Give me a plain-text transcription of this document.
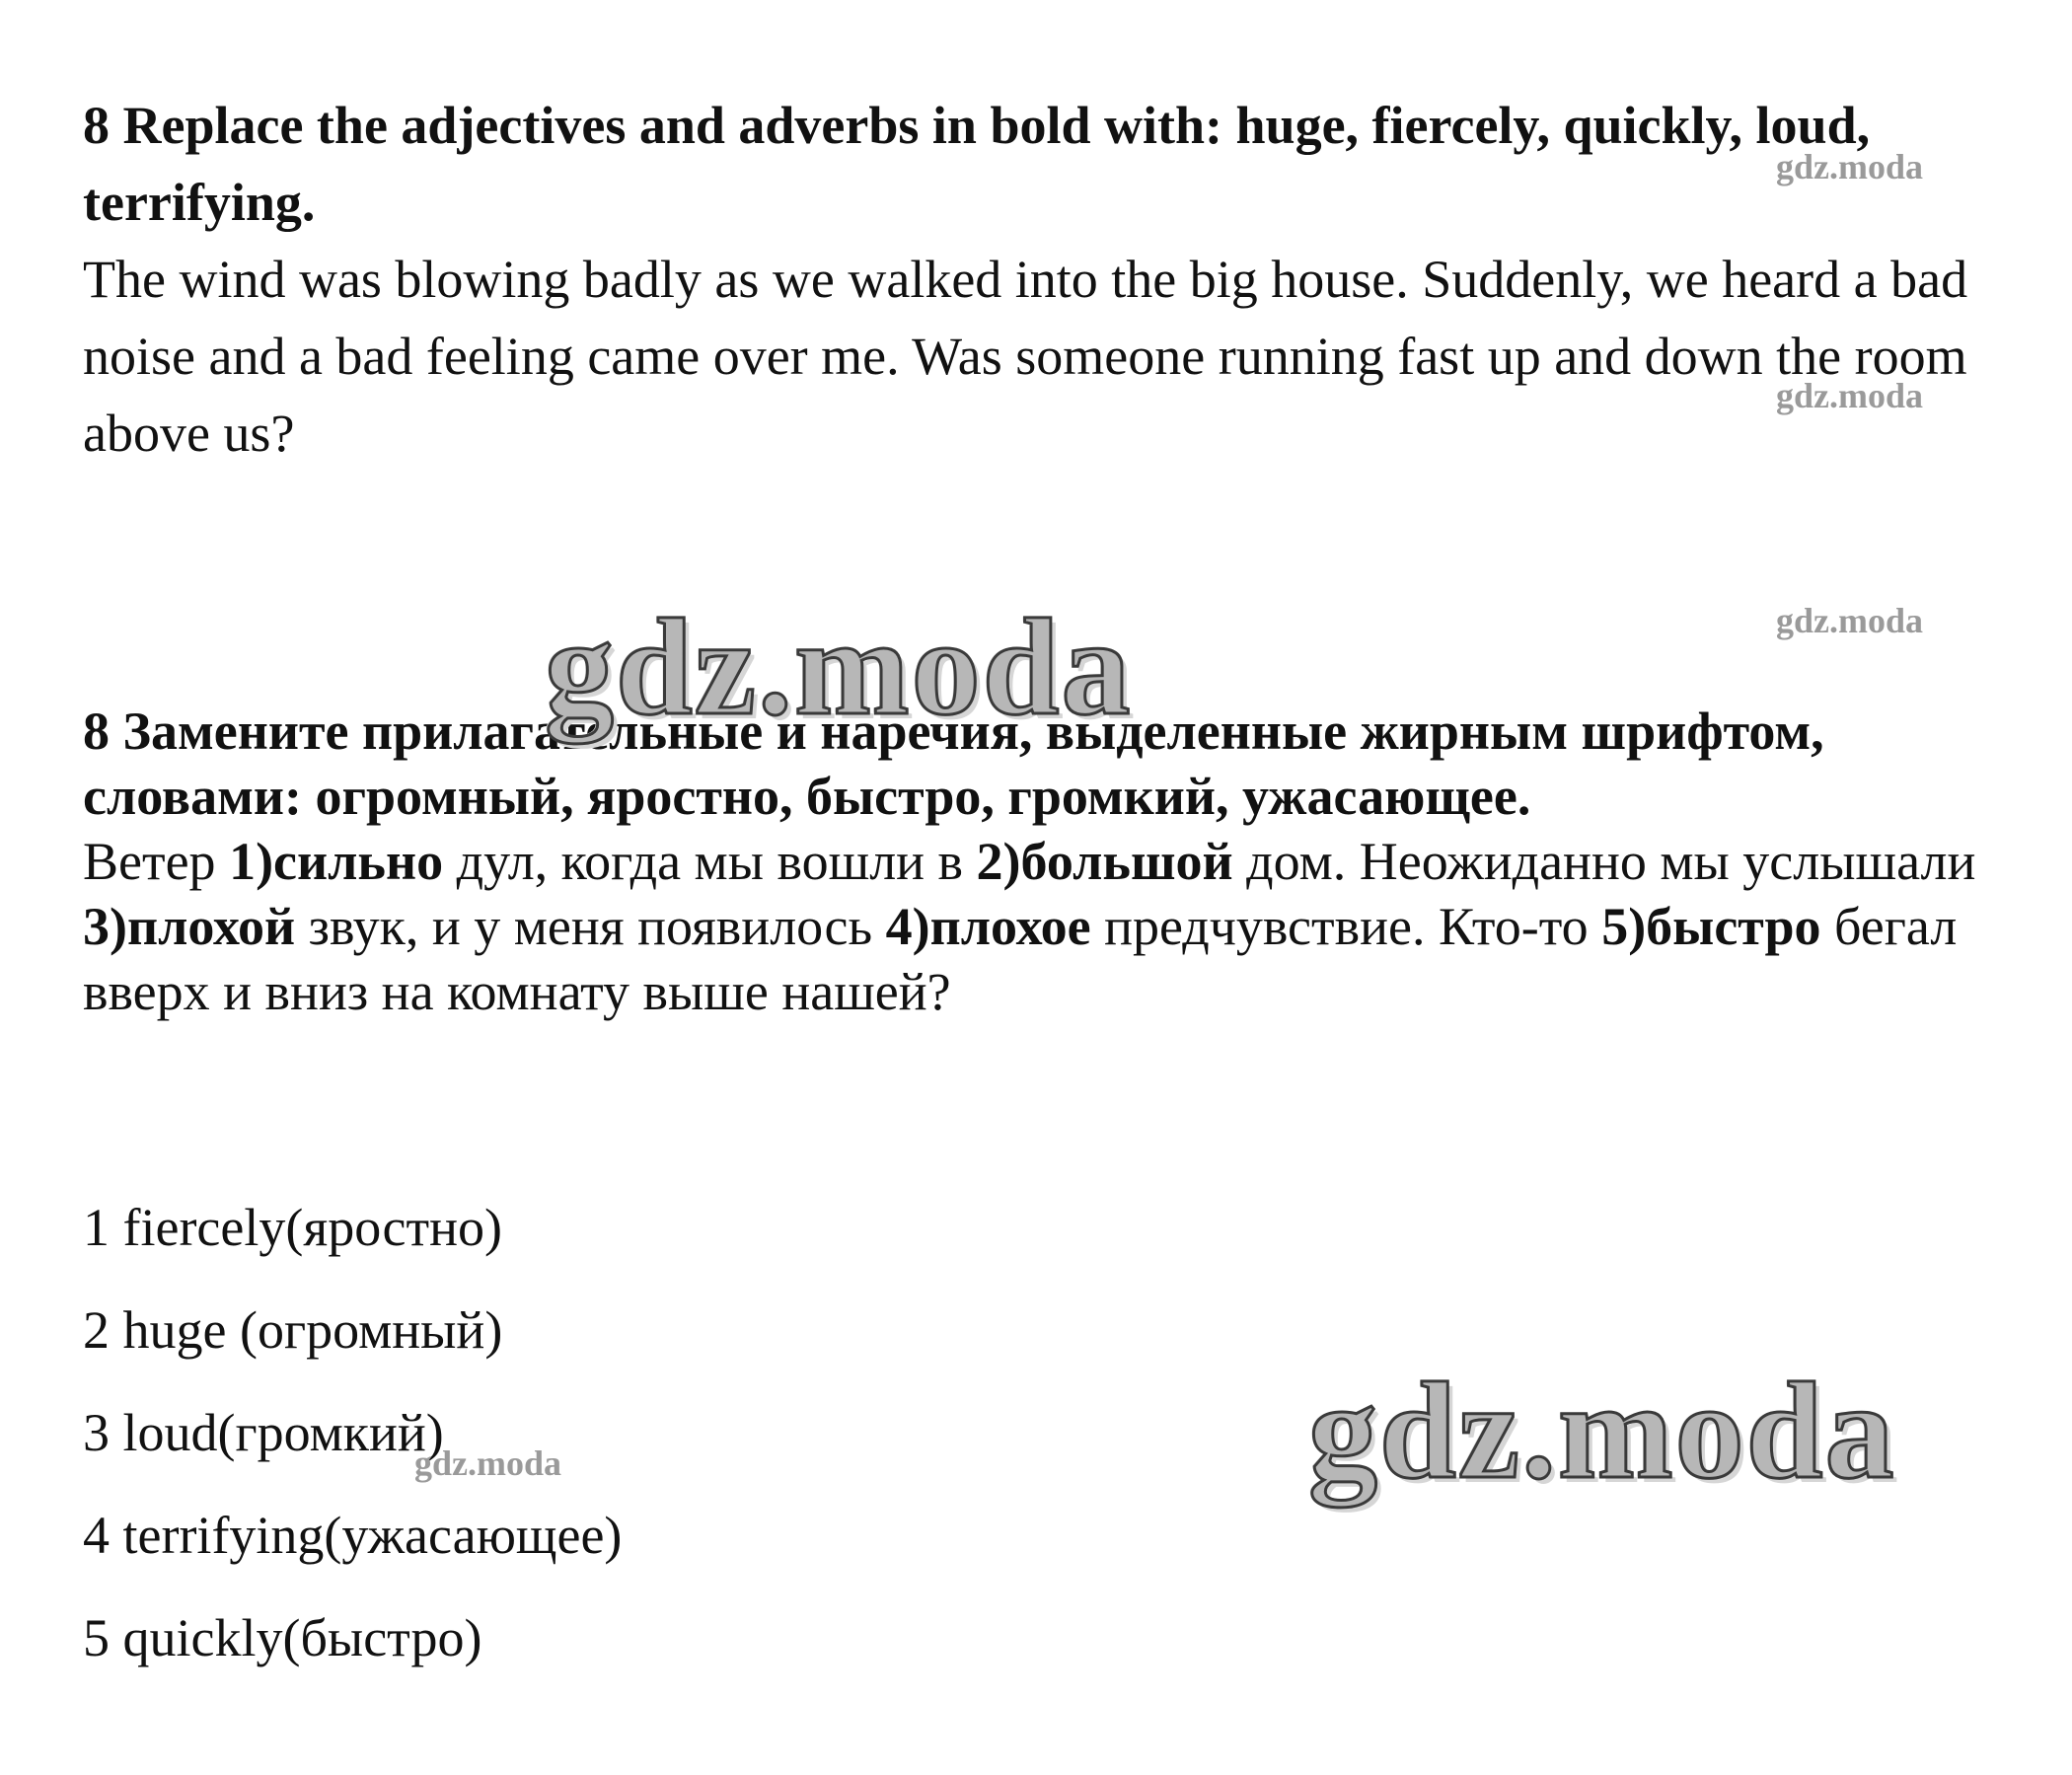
8 Replace the adjectives and adverbs in bold with: huge, fiercely, quickly, loud, terrifying.

The wind was blowing badly as we walked into the big house. Suddenly, we heard a bad noise and a bad feeling came over me. Was someone running fast up and down the room above us?

8 Замените прилагательные и наречия, выделенные жирным шрифтом, словами: огромный, яростно, быстро, громкий, ужасающее.

Ветер 1)сильно дул, когда мы вошли в 2)большой дом. Неожиданно мы услышали 3)плохой звук, и у меня появилось 4)плохое предчувствие. Кто-то 5)быстро бегал вверх и вниз на комнату выше нашей?

1 fiercely(яростно)
2 huge (огромный)
3 loud(громкий)
4 terrifying(ужасающее)
5 quickly(быстро)
gdz.moda
gdz.moda
gdz.moda
gdz.moda
gdz.moda
gdz.moda
